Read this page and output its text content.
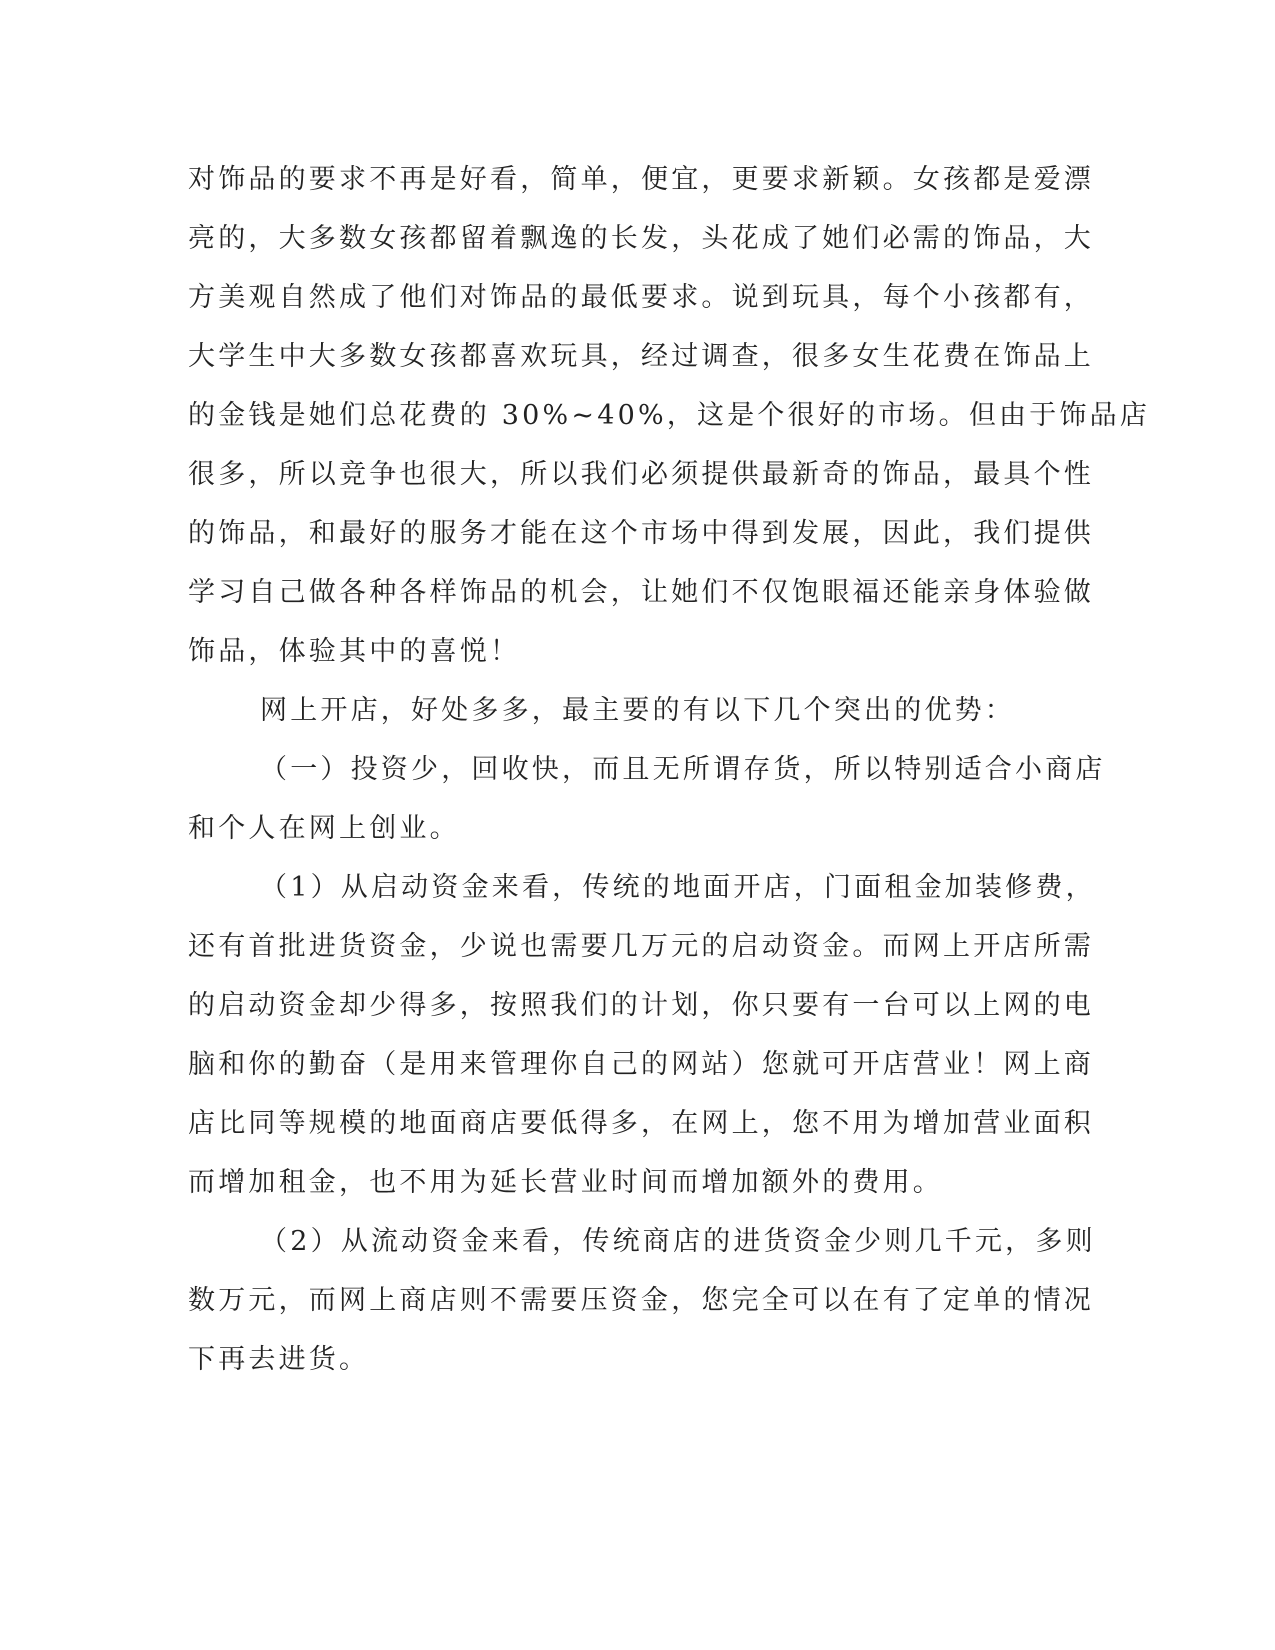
对饰品的要求不再是好看，简单，便宜，更要求新颖。女孩都是爱漂
亮的，大多数女孩都留着飘逸的长发，头花成了她们必需的饰品，大
方美观自然成了他们对饰品的最低要求。说到玩具，每个小孩都有，
大学生中大多数女孩都喜欢玩具，经过调查，很多女生花费在饰品上
的金钱是她们总花费的 30%~40%，这是个很好的市场。但由于饰品店
很多，所以竞争也很大，所以我们必须提供最新奇的饰品，最具个性
的饰品，和最好的服务才能在这个市场中得到发展，因此，我们提供
学习自己做各种各样饰品的机会，让她们不仅饱眼福还能亲身体验做
饰品，体验其中的喜悦！
网上开店，好处多多，最主要的有以下几个突出的优势：
（一）投资少，回收快，而且无所谓存货，所以特别适合小商店
和个人在网上创业。
（1）从启动资金来看，传统的地面开店，门面租金加装修费，
还有首批进货资金，少说也需要几万元的启动资金。而网上开店所需
的启动资金却少得多，按照我们的计划，你只要有一台可以上网的电
脑和你的勤奋（是用来管理你自己的网站）您就可开店营业！网上商
店比同等规模的地面商店要低得多，在网上，您不用为增加营业面积
而增加租金，也不用为延长营业时间而增加额外的费用。
（2）从流动资金来看，传统商店的进货资金少则几千元，多则
数万元，而网上商店则不需要压资金，您完全可以在有了定单的情况
下再去进货。
